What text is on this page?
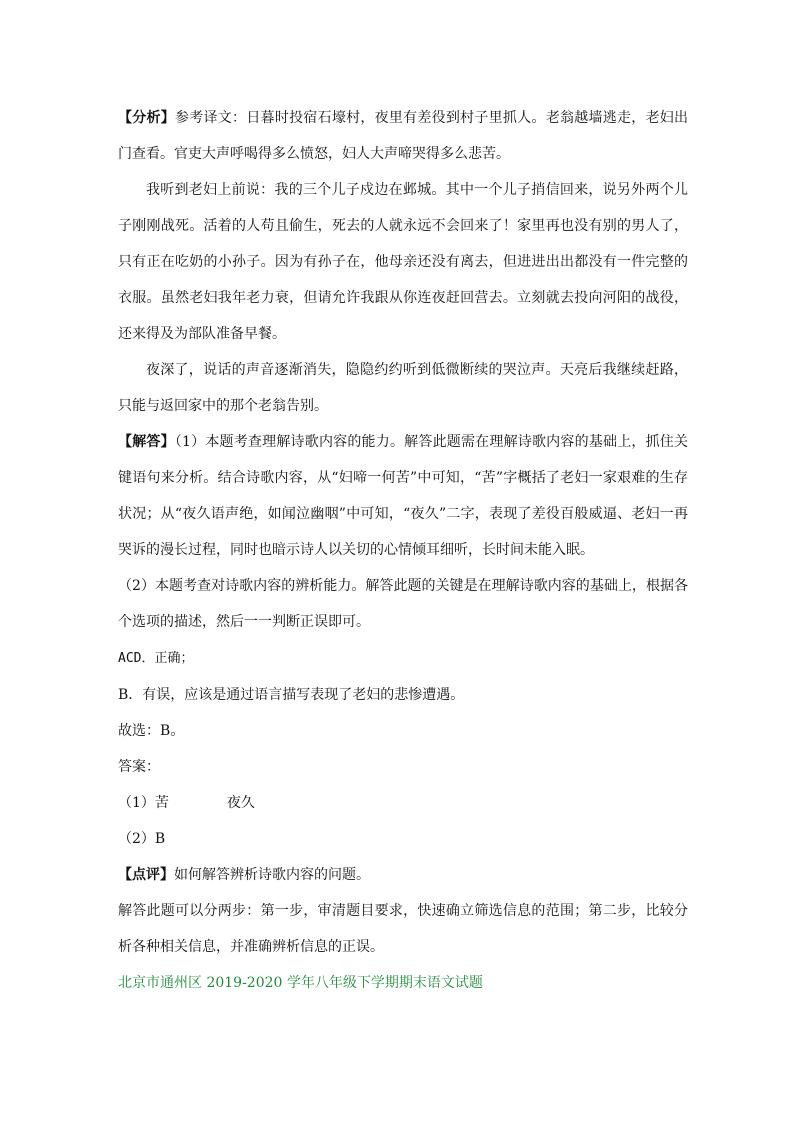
【分析】参考译文：日暮时投宿石壕村，夜里有差役到村子里抓人。老翁越墙逃走，老妇出门查看。官吏大声呼喝得多么愤怒，妇人大声啼哭得多么悲苦。

我听到老妇上前说：我的三个儿子戍边在邺城。其中一个儿子捎信回来，说另外两个儿子刚刚战死。活着的人苟且偷生，死去的人就永远不会回来了！家里再也没有别的男人了，只有正在吃奶的小孙子。因为有孙子在，他母亲还没有离去，但进进出出都没有一件完整的衣服。虽然老妇我年老力衰，但请允许我跟从你连夜赶回营去。立刻就去投向河阳的战役，还来得及为部队准备早餐。

夜深了，说话的声音逐渐消失，隐隐约约听到低微断续的哭泣声。天亮后我继续赶路，只能与返回家中的那个老翁告别。

【解答】（1）本题考查理解诗歌内容的能力。解答此题需在理解诗歌内容的基础上，抓住关键语句来分析。结合诗歌内容，从“妇啼一何苦”中可知，“苦”字概括了老妇一家艰难的生存状况；从“夜久语声绝，如闻泣幽咽”中可知，“夜久”二字，表现了差役百般威逼、老妇一再哭诉的漫长过程，同时也暗示诗人以关切的心情倾耳细听，长时间未能入眠。

（2）本题考查对诗歌内容的辨析能力。解答此题的关键是在理解诗歌内容的基础上，根据各个选项的描述，然后一一判断正误即可。

ACD．正确；

B．有误，应该是通过语言描写表现了老妇的悲惨遭遇。

故选：B。

答案：

（1）苦	夜久

（2）B

【点评】如何解答辨析诗歌内容的问题。

解答此题可以分两步：第一步，审清题目要求，快速确立筛选信息的范围；第二步，比较分析各种相关信息，并准确辨析信息的正误。

北京市通州区 2019-2020 学年八年级下学期期末语文试题
